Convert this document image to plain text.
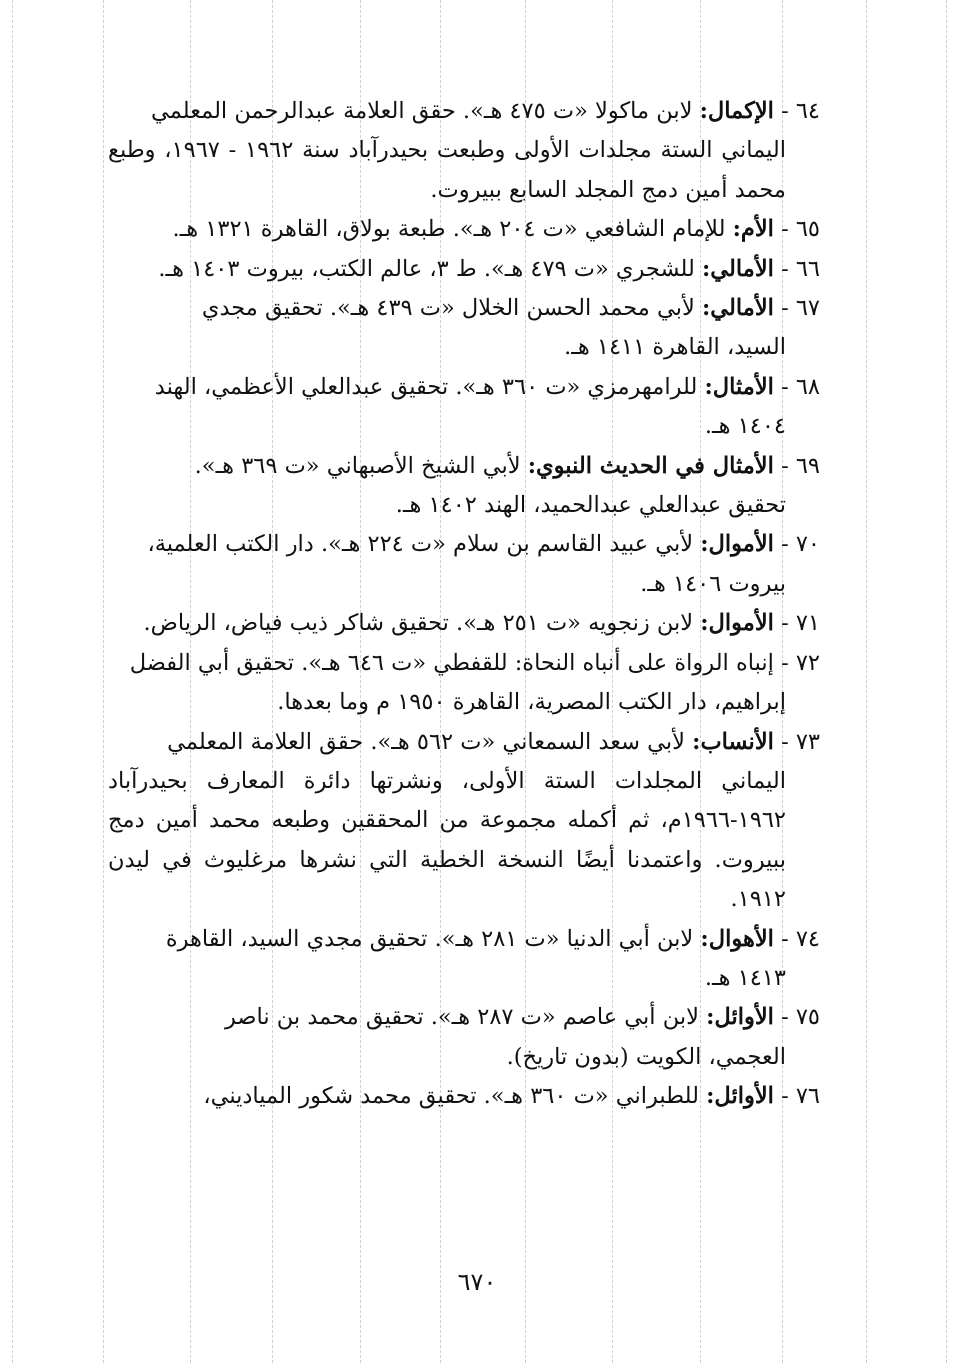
٦٤ - الإكمال: لابن ماكولا «ت ٤٧٥ هـ». حقق العلامة عبدالرحمن المعلمي
اليماني الستة مجلدات الأولى وطبعت بحيدرآباد سنة ١٩٦٢ - ١٩٦٧، وطبع محمد أمين دمج المجلد السابع ببيروت.

٦٥ - الأم: للإمام الشافعي «ت ٢٠٤ هـ». طبعة بولاق، القاهرة ١٣٢١ هـ.

٦٦ - الأمالي: للشجري «ت ٤٧٩ هـ». ط ٣، عالم الكتب، بيروت ١٤٠٣ هـ.

٦٧ - الأمالي: لأبي محمد الحسن الخلال «ت ٤٣٩ هـ». تحقيق مجدي
السيد، القاهرة ١٤١١ هـ.

٦٨ - الأمثال: للرامهرمزي «ت ٣٦٠ هـ». تحقيق عبدالعلي الأعظمي، الهند
١٤٠٤ هـ.

٦٩ - الأمثال في الحديث النبوي: لأبي الشيخ الأصبهاني «ت ٣٦٩ هـ».
تحقيق عبدالعلي عبدالحميد، الهند ١٤٠٢ هـ.

٧٠ - الأموال: لأبي عبيد القاسم بن سلام «ت ٢٢٤ هـ». دار الكتب العلمية،
بيروت ١٤٠٦ هـ.

٧١ - الأموال: لابن زنجويه «ت ٢٥١ هـ». تحقيق شاكر ذيب فياض، الرياض.

٧٢ - إنباه الرواة على أنباه النحاة: للقفطي «ت ٦٤٦ هـ». تحقيق أبي الفضل
إبراهيم، دار الكتب المصرية، القاهرة ١٩٥٠ م وما بعدها.

٧٣ - الأنساب: لأبي سعد السمعاني «ت ٥٦٢ هـ». حقق العلامة المعلمي
اليماني المجلدات الستة الأولى، ونشرتها دائرة المعارف بحيدرآباد ١٩٦٢-١٩٦٦م، ثم أكمله مجموعة من المحققين وطبعه محمد أمين دمج ببيروت. واعتمدنا أيضًا النسخة الخطية التي نشرها مرغليوث في ليدن ١٩١٢.

٧٤ - الأهوال: لابن أبي الدنيا «ت ٢٨١ هـ». تحقيق مجدي السيد، القاهرة
١٤١٣ هـ.

٧٥ - الأوائل: لابن أبي عاصم «ت ٢٨٧ هـ». تحقيق محمد بن ناصر
العجمي، الكويت (بدون تاريخ).

٧٦ - الأوائل: للطبراني «ت ٣٦٠ هـ». تحقيق محمد شكور المياديني،

٦٧٠
